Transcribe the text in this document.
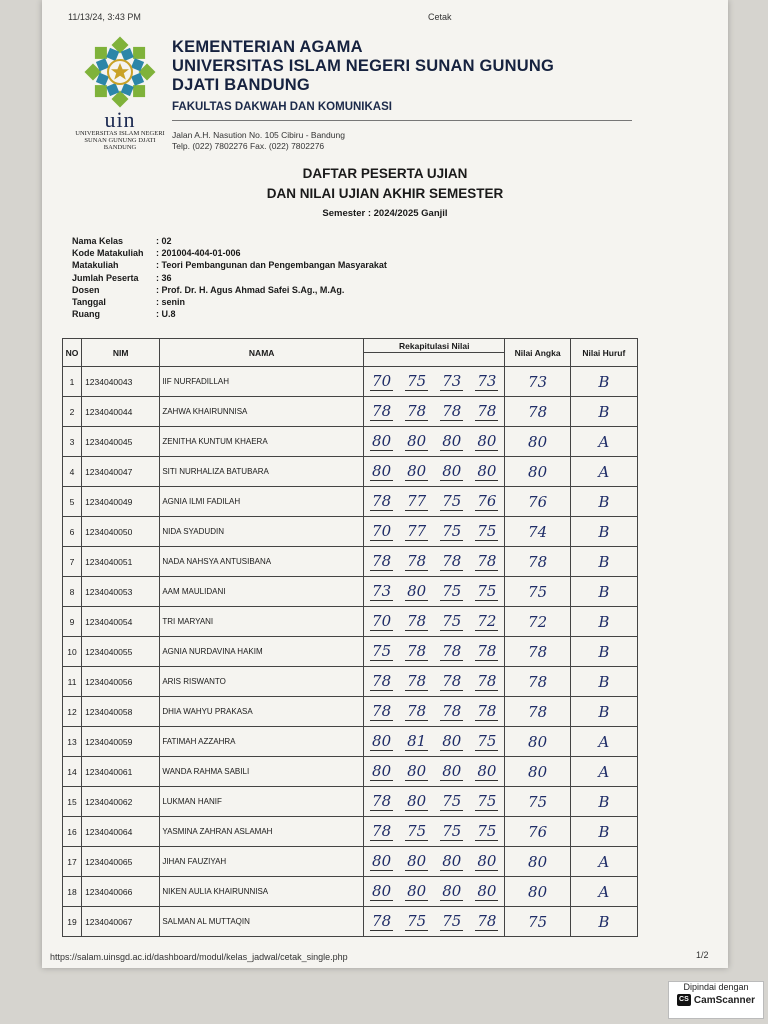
11/13/24, 3:43 PM	Cetak
uin
UNIVERSITAS ISLAM NEGERI
SUNAN GUNUNG DJATI
BANDUNG
KEMENTERIAN AGAMA
UNIVERSITAS ISLAM NEGERI SUNAN GUNUNG
DJATI BANDUNG
FAKULTAS DAKWAH DAN KOMUNIKASI
Jalan A.H. Nasution No. 105 Cibiru - Bandung
Telp. (022) 7802276 Fax. (022) 7802276
DAFTAR PESERTA UJIAN
DAN NILAI UJIAN AKHIR SEMESTER
Semester : 2024/2025 Ganjil
Nama Kelas	: 02
Kode Matakuliah	: 201004-404-01-006
Matakuliah	: Teori Pembangunan dan Pengembangan Masyarakat
Jumlah Peserta	: 36
Dosen	: Prof. Dr. H. Agus Ahmad Safei S.Ag., M.Ag.
Tanggal	: senin
Ruang	: U.8
NO	NIM	NAMA	Rekapitulasi Nilai				Nilai Angka	Nilai Huruf

1	1234040043	IIF NURFADILLAH	70	75	73	73	73	B
2	1234040044	ZAHWA KHAIRUNNISA	78	78	78	78	78	B
3	1234040045	ZENITHA KUNTUM KHAERA	80	80	80	80	80	A
4	1234040047	SITI NURHALIZA BATUBARA	80	80	80	80	80	A
5	1234040049	AGNIA ILMI FADILAH	78	77	75	76	76	B
6	1234040050	NIDA SYADUDIN	70	77	75	75	74	B
7	1234040051	NADA NAHSYA ANTUSIBANA	78	78	78	78	78	B
8	1234040053	AAM MAULIDANI	73	80	75	75	75	B
9	1234040054	TRI MARYANI	70	78	75	72	72	B
10	1234040055	AGNIA NURDAVINA HAKIM	75	78	78	78	78	B
11	1234040056	ARIS RISWANTO	78	78	78	78	78	B
12	1234040058	DHIA WAHYU PRAKASA	78	78	78	78	78	B
13	1234040059	FATIMAH AZZAHRA	80	81	80	75	80	A
14	1234040061	WANDA RAHMA SABILI	80	80	80	80	80	A
15	1234040062	LUKMAN HANIF	78	80	75	75	75	B
16	1234040064	YASMINA ZAHRAN ASLAMAH	78	75	75	75	76	B
17	1234040065	JIHAN FAUZIYAH	80	80	80	80	80	A
18	1234040066	NIKEN AULIA KHAIRUNNISA	80	80	80	80	80	A
19	1234040067	SALMAN AL MUTTAQIN	78	75	75	78	75	B
https://salam.uinsgd.ac.id/dashboard/modul/kelas_jadwal/cetak_single.php	1/2
Dipindai dengan
CS CamScanner
